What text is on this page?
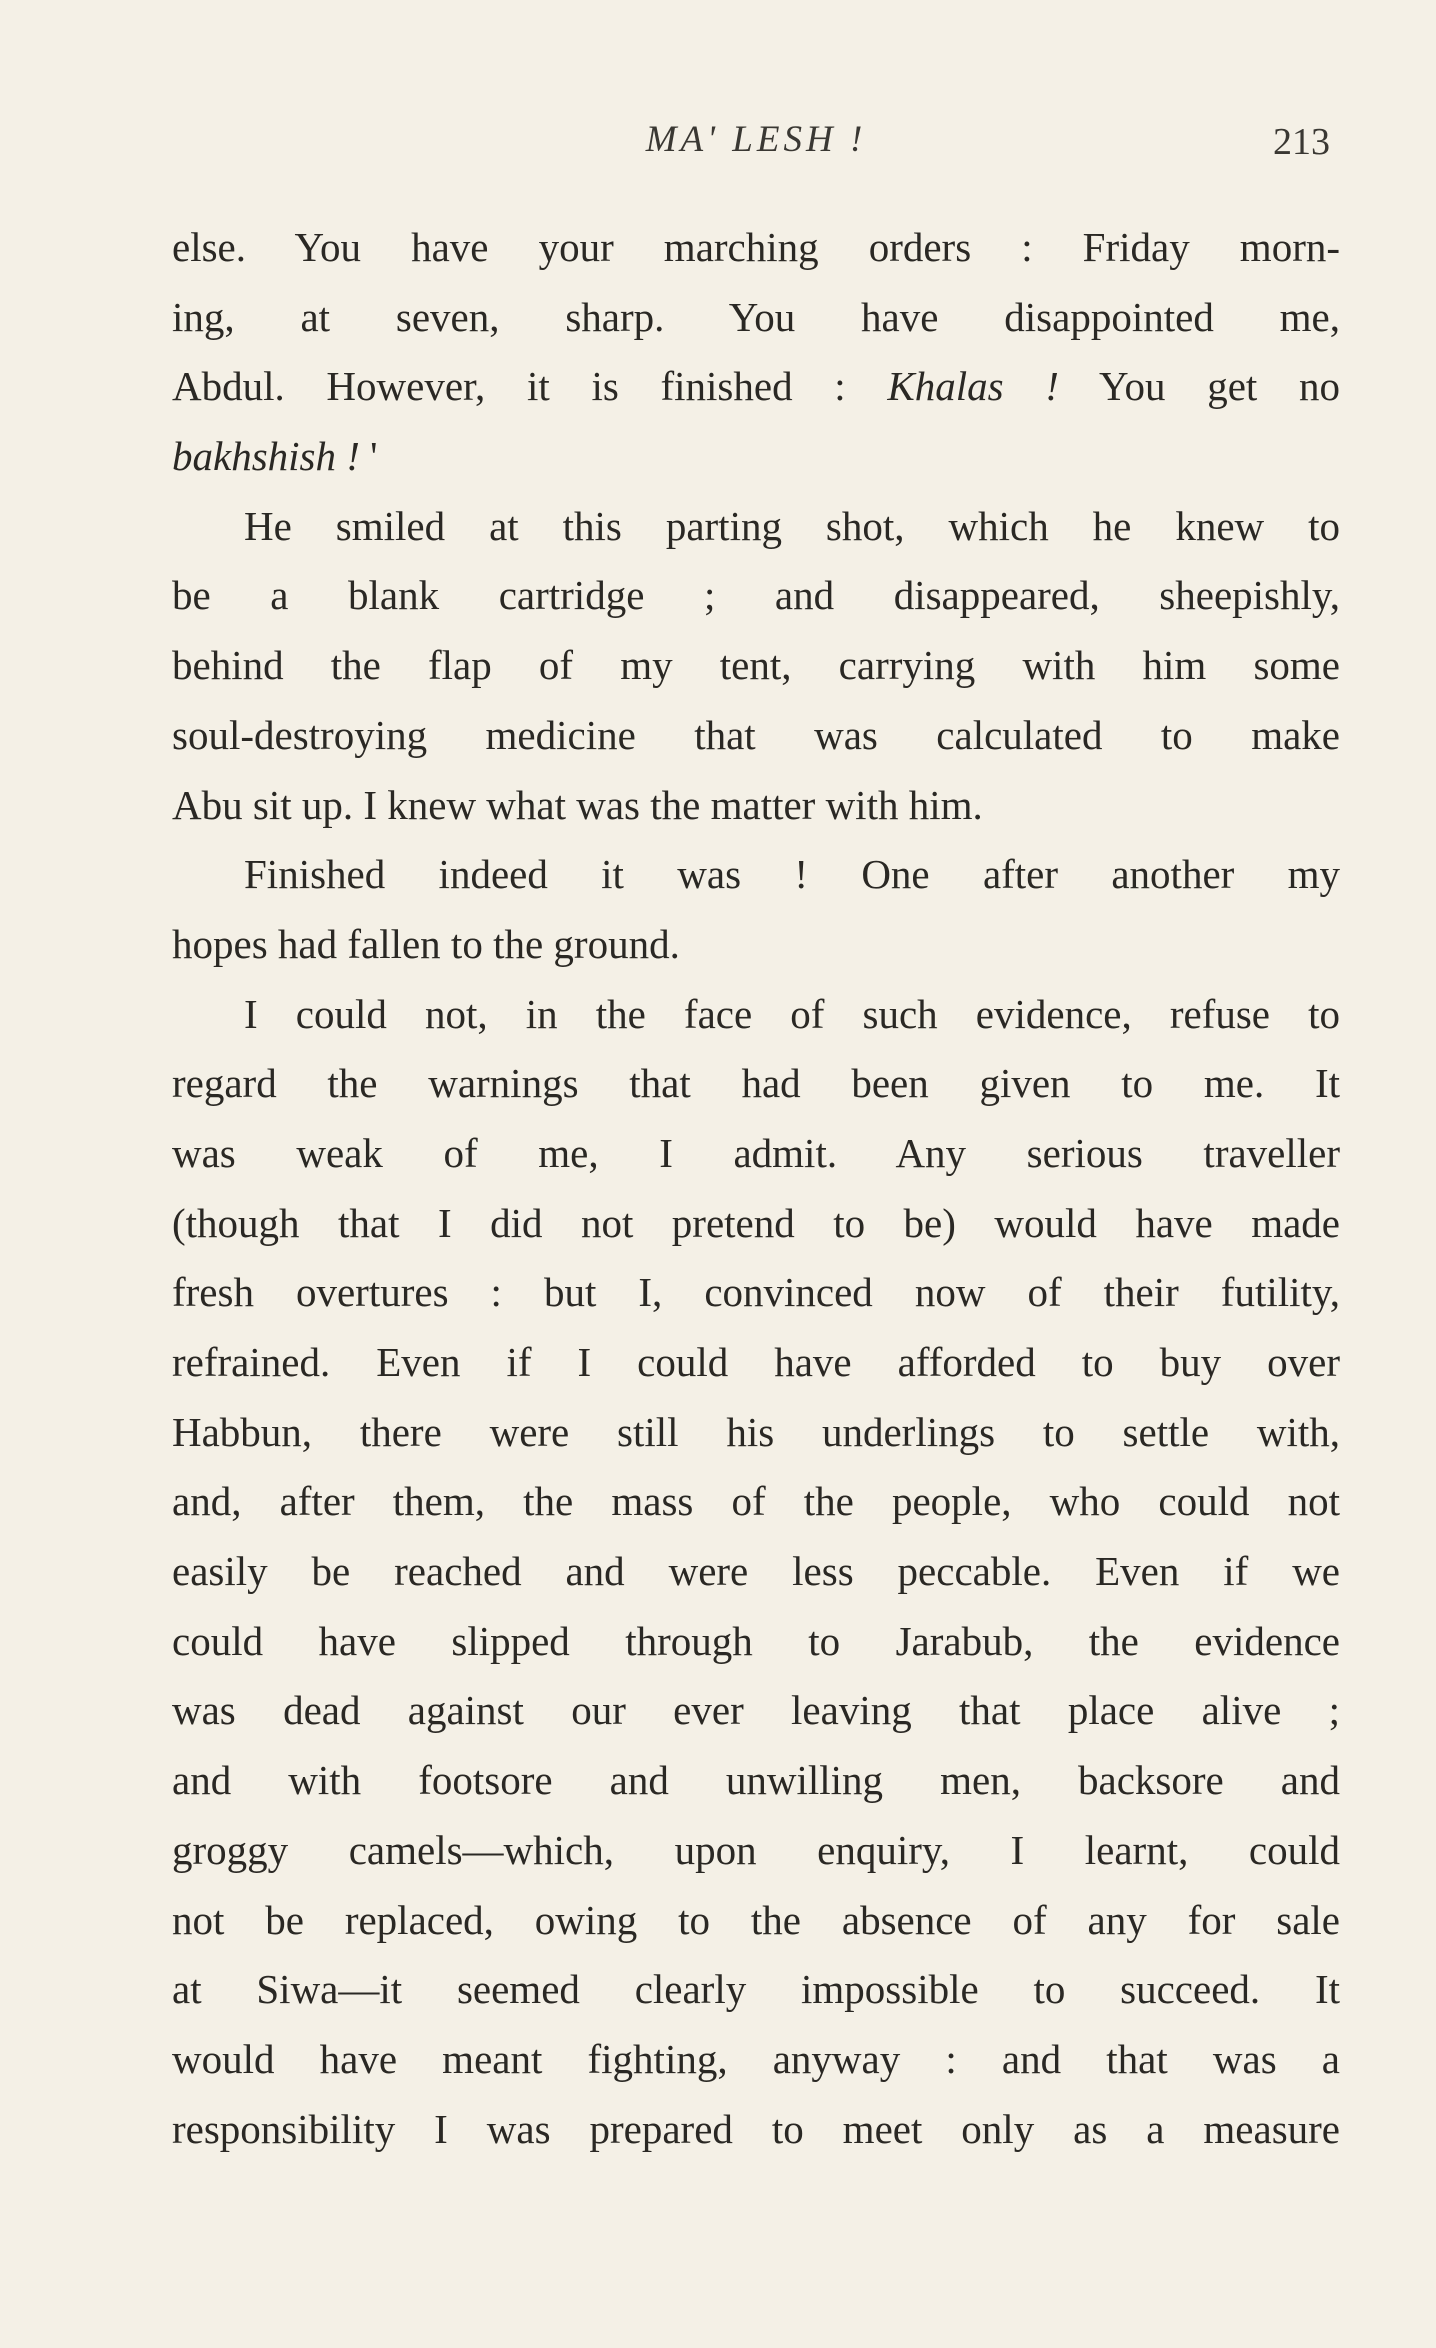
MA' LESH !	213
else. You have your marching orders : Friday morn-
ing, at seven, sharp. You have disappointed me,
Abdul. However, it is finished : Khalas ! You get no
bakhshish ! '
He smiled at this parting shot, which he knew to
be a blank cartridge ; and disappeared, sheepishly,
behind the flap of my tent, carrying with him some
soul-destroying medicine that was calculated to make
Abu sit up. I knew what was the matter with him.
Finished indeed it was ! One after another my
hopes had fallen to the ground.
I could not, in the face of such evidence, refuse to
regard the warnings that had been given to me. It
was weak of me, I admit. Any serious traveller
(though that I did not pretend to be) would have made
fresh overtures : but I, convinced now of their futility,
refrained. Even if I could have afforded to buy over
Habbun, there were still his underlings to settle with,
and, after them, the mass of the people, who could not
easily be reached and were less peccable. Even if we
could have slipped through to Jarabub, the evidence
was dead against our ever leaving that place alive ;
and with footsore and unwilling men, backsore and
groggy camels—which, upon enquiry, I learnt, could
not be replaced, owing to the absence of any for sale
at Siwa—it seemed clearly impossible to succeed. It
would have meant fighting, anyway : and that was a
responsibility I was prepared to meet only as a measure
